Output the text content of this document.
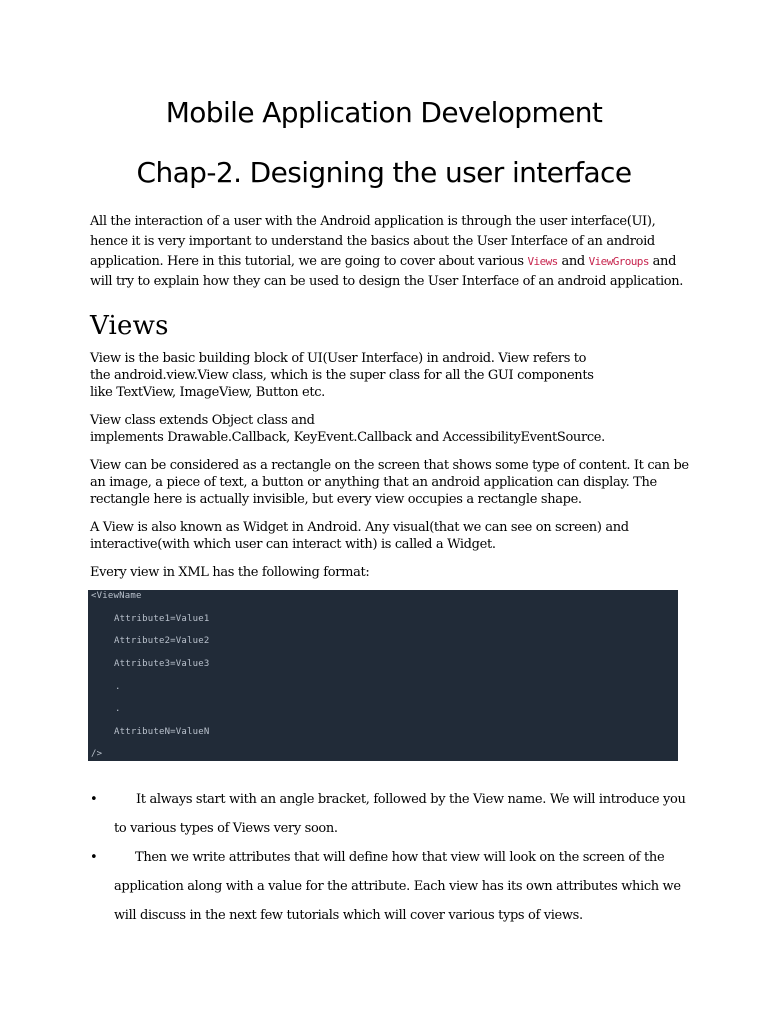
Mobile Application Development
Chap-2. Designing the user interface

All the interaction of a user with the Android application is through the user interface(UI),
hence it is very important to understand the basics about the User Interface of an android
application. Here in this tutorial, we are going to cover about various Views and ViewGroups and
will try to explain how they can be used to design the User Interface of an android application.

Views

View is the basic building block of UI(User Interface) in android. View refers to
the android.view.View class, which is the super class for all the GUI components
like TextView, ImageView, Button etc.

View class extends Object class and
implements Drawable.Callback, KeyEvent.Callback and AccessibilityEventSource.

View can be considered as a rectangle on the screen that shows some type of content. It can be
an image, a piece of text, a button or anything that an android application can display. The
rectangle here is actually invisible, but every view occupies a rectangle shape.

A View is also known as Widget in Android. Any visual(that we can see on screen) and
interactive(with which user can interact with) is called a Widget.

Every view in XML has the following format:

<ViewName
Attribute1=Value1
Attribute2=Value2
Attribute3=Value3
.
.
AttributeN=ValueN
/>
•	It always start with an angle bracket, followed by the View name. We will introduce you
to various types of Views very soon.
•	Then we write attributes that will define how that view will look on the screen of the
application along with a value for the attribute. Each view has its own attributes which we
will discuss in the next few tutorials which will cover various typs of views.
